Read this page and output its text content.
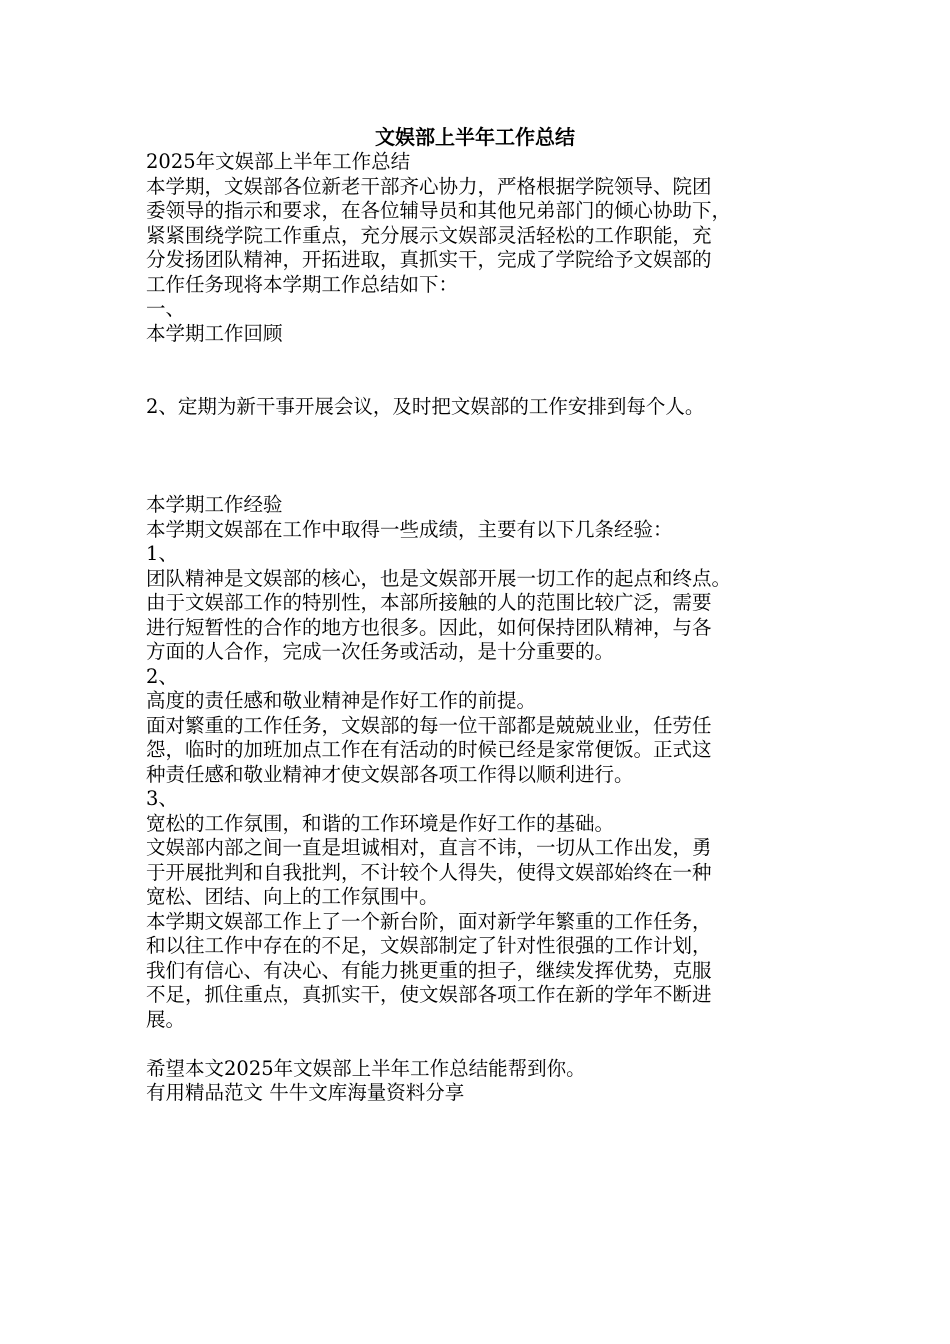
文娱部上半年工作总结
2025年文娱部上半年工作总结
本学期，文娱部各位新老干部齐心协力，严格根据学院领导、院团
委领导的指示和要求，在各位辅导员和其他兄弟部门的倾心协助下，
紧紧围绕学院工作重点，充分展示文娱部灵活轻松的工作职能，充
分发扬团队精神，开拓进取，真抓实干，完成了学院给予文娱部的
工作任务现将本学期工作总结如下：
一、
本学期工作回顾
2、定期为新干事开展会议，及时把文娱部的工作安排到每个人。
本学期工作经验
本学期文娱部在工作中取得一些成绩，主要有以下几条经验：
1、
团队精神是文娱部的核心，也是文娱部开展一切工作的起点和终点。
由于文娱部工作的特别性，本部所接触的人的范围比较广泛，需要
进行短暂性的合作的地方也很多。因此，如何保持团队精神，与各
方面的人合作，完成一次任务或活动，是十分重要的。
2、
高度的责任感和敬业精神是作好工作的前提。
面对繁重的工作任务，文娱部的每一位干部都是兢兢业业，任劳任
怨，临时的加班加点工作在有活动的时候已经是家常便饭。正式这
种责任感和敬业精神才使文娱部各项工作得以顺利进行。
3、
宽松的工作氛围，和谐的工作环境是作好工作的基础。
文娱部内部之间一直是坦诚相对，直言不讳，一切从工作出发，勇
于开展批判和自我批判，不计较个人得失，使得文娱部始终在一种
宽松、团结、向上的工作氛围中。
本学期文娱部工作上了一个新台阶，面对新学年繁重的工作任务，
和以往工作中存在的不足，文娱部制定了针对性很强的工作计划，
我们有信心、有决心、有能力挑更重的担子，继续发挥优势，克服
不足，抓住重点，真抓实干，使文娱部各项工作在新的学年不断进
展。
希望本文2025年文娱部上半年工作总结能帮到你。
有用精品范文 牛牛文库海量资料分享
